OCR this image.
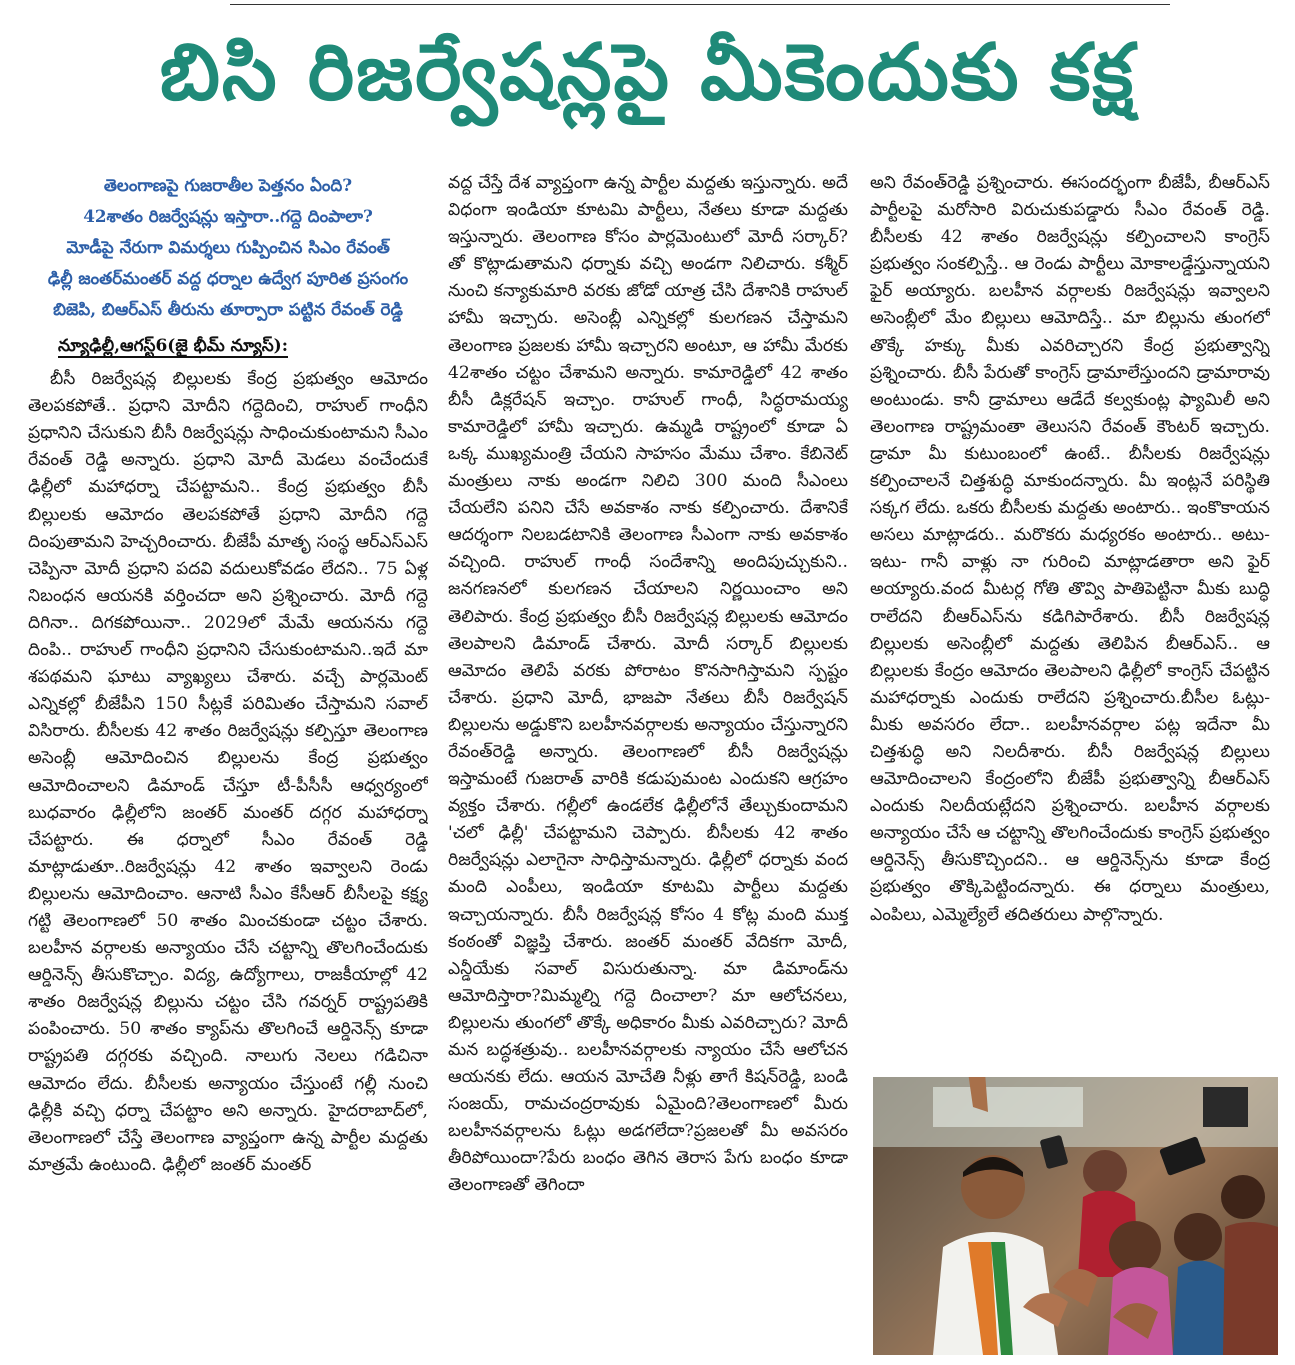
బిసి రిజర్వేషన్లపై మీకెందుకు కక్ష
తెలంగాణపై గుజరాతీల పెత్తనం ఏంది?
42శాతం రిజర్వేషన్లు ఇస్తారా..గద్దె దింపాలా?
మోడీపై నేరుగా విమర్శలు గుప్పించిన సిఎం రేవంత్
ఢిల్లీ జంతర్‌మంతర్ వద్ద ధర్నాల ఉద్వేగ పూరిత ప్రసంగం
బిజెపి, బిఆర్‌ఎస్ తీరును తూర్పారా పట్టిన రేవంత్ రెడ్డి
న్యూఢిల్లీ,ఆగస్ట్6(జై భీమ్ న్యూస్):

బీసీ రిజర్వేషన్ల బిల్లులకు కేంద్ర ప్రభుత్వం ఆమోదం తెలపకపోతే.. ప్రధాని మోదీని గద్దెదించి, రాహుల్ గాంధీని ప్రధానిని చేసుకుని బీసీ రిజర్వేషన్లు సాధించుకుంటామని సీఎం రేవంత్ రెడ్డి అన్నారు. ప్రధాని మోదీ మెడలు వంచేందుకే ఢిల్లీలో మహాధర్నా చేపట్టామని.. కేంద్ర ప్రభుత్వం బీసీ బిల్లులకు ఆమోదం తెలపకపోతే ప్రధాని మోదీని గద్దె దింపుతామని హెచ్చరించారు. బీజేపీ మాతృ సంస్థ ఆర్ఎస్ఎస్ చెప్పినా మోదీ ప్రధాని పదవి వదులుకోవడం లేదని.. 75 ఏళ్ల నిబంధన ఆయనకి వర్తించదా అని ప్రశ్నించారు. మోదీ గద్దె దిగినా.. దిగకపోయినా.. 2029లో మేమే ఆయనను గద్దె దింపి.. రాహుల్ గాంధీని ప్రధానిని చేసుకుంటామని..ఇదే మా శపథమని ఘాటు వ్యాఖ్యలు చేశారు. వచ్చే పార్లమెంట్ ఎన్నికల్లో బీజేపీని 150 సీట్లకే పరిమితం చేస్తామని సవాల్ విసిరారు. బీసీలకు 42 శాతం రిజర్వేషన్లు కల్పిస్తూ తెలంగాణ అసెంబ్లీ ఆమోదించిన బిల్లులను కేంద్ర ప్రభుత్వం ఆమోదించాలని డిమాండ్ చేస్తూ టీ-పీసీసీ ఆధ్వర్యంలో బుధవారం ఢిల్లీలోని జంతర్ మంతర్ దగ్గర మహాధర్నా చేపట్టారు. ఈ ధర్నాలో సీఎం రేవంత్ రెడ్డి మాట్లాడుతూ..రిజర్వేషన్లు 42 శాతం ఇవ్వాలని రెండు బిల్లులను ఆమోదించాం. ఆనాటి సీఎం కేసీఆర్ బీసీలపై కక్ష్య గట్టి తెలంగాణలో 50 శాతం మించకుండా చట్టం చేశారు. బలహీన వర్గాలకు అన్యాయం చేసే చట్టాన్ని తొలగించేందుకు ఆర్డినెన్స్ తీసుకొచ్చాం. విద్య, ఉద్యోగాలు, రాజకీయాల్లో 42 శాతం రిజర్వేషన్ల బిల్లును చట్టం చేసి గవర్నర్ రాష్ట్రపతికి పంపించారు. 50 శాతం క్యాప్‌ను తొలగించే ఆర్డినెన్స్ కూడా రాష్ట్రపతి దగ్గరకు వచ్చింది. నాలుగు నెలలు గడిచినా ఆమోదం లేదు. బీసీలకు అన్యాయం చేస్తుంటే గల్లీ నుంచి ఢిల్లీకి వచ్చి ధర్నా చేపట్టాం అని అన్నారు. హైదరాబాద్‌లో, తెలంగాణలో చేస్తే తెలంగాణ వ్యాప్తంగా ఉన్న పార్టీల మద్దతు మాత్రమే ఉంటుంది. ఢిల్లీలో జంతర్ మంతర్

వద్ద చేస్తే దేశ వ్యాప్తంగా ఉన్న పార్టీల మద్దతు ఇస్తున్నారు. అదే విధంగా ఇండియా కూటమి పార్టీలు, నేతలు కూడా మద్దతు ఇస్తున్నారు. తెలంగాణ కోసం పార్లమెంటులో మోదీ సర్కార్?తో కొట్లాడుతామని ధర్నాకు వచ్చి అండగా నిలిచారు. కశ్మీర్ నుంచి కన్యాకుమారి వరకు జోడో యాత్ర చేసి దేశానికి రాహుల్ హామీ ఇచ్చారు. అసెంబ్లీ ఎన్నికల్లో కులగణన చేస్తామని తెలంగాణ ప్రజలకు హామీ ఇచ్చారని అంటూ, ఆ హామీ మేరకు 42శాతం చట్టం చేశామని అన్నారు. కామారెడ్డిలో 42 శాతం బీసీ డిక్లరేషన్ ఇచ్చాం. రాహుల్ గాంధీ, సిద్ధరామయ్య కామారెడ్డిలో హామీ ఇచ్చారు. ఉమ్మడి రాష్ట్రంలో కూడా ఏ ఒక్క ముఖ్యమంత్రి చేయని సాహసం మేము చేశాం. కేబినెట్ మంత్రులు నాకు అండగా నిలిచి 300 మంది సీఎంలు చేయలేని పనిని చేసే అవకాశం నాకు కల్పించారు. దేశానికే ఆదర్శంగా నిలబడటానికి తెలంగాణ సీఎంగా నాకు అవకాశం వచ్చింది. రాహుల్ గాంధీ సందేశాన్ని అందిపుచ్చుకుని.. జనగణనలో కులగణన చేయాలని నిర్ణయించాం అని తెలిపారు. కేంద్ర ప్రభుత్వం బీసీ రిజర్వేషన్ల బిల్లులకు ఆమోదం తెలపాలని డిమాండ్ చేశారు. మోదీ సర్కార్ బిల్లులకు ఆమోదం తెలిపే వరకు పోరాటం కొనసాగిస్తామని స్పష్టం చేశారు. ప్రధాని మోదీ, భాజపా నేతలు బీసీ రిజర్వేషన్ బిల్లులను అడ్డుకొని బలహీనవర్గాలకు అన్యాయం చేస్తున్నారని రేవంత్‌రెడ్డి అన్నారు. తెలంగాణలో బీసీ రిజర్వేషన్లు ఇస్తామంటే గుజరాత్ వారికి కడుపుమంట ఎందుకని ఆగ్రహం వ్యక్తం చేశారు. గల్లీలో ఉండలేక ఢిల్లీలోనే తేల్చుకుందామని 'చలో ఢిల్లీ' చేపట్టామని చెప్పారు. బీసీలకు 42 శాతం రిజర్వేషన్లు ఎలాగైనా సాధిస్తామన్నారు. ఢిల్లీలో ధర్నాకు వంద మంది ఎంపీలు, ఇండియా కూటమి పార్టీలు మద్దతు ఇచ్చాయన్నారు. బీసీ రిజర్వేషన్ల కోసం 4 కోట్ల మంది ముక్త కంఠంతో విజ్ఞప్తి చేశారు. జంతర్ మంతర్ వేదికగా మోదీ, ఎన్డీయేకు సవాల్ విసురుతున్నా. మా డిమాండ్‌ను ఆమోదిస్తారా?మిమ్మల్ని గద్దె దించాలా? మా ఆలోచనలు, బిల్లులను తుంగలో తొక్కే అధికారం మీకు ఎవరిచ్చారు? మోదీ మన బద్ధశత్రువు.. బలహీనవర్గాలకు న్యాయం చేసే ఆలోచన ఆయనకు లేదు. ఆయన మోచేతి నీళ్లు తాగే కిషన్‌రెడ్డి, బండి సంజయ్, రామచంద్రరావుకు ఏమైంది?తెలంగాణలో మీరు బలహీనవర్గాలను ఓట్లు అడగలేదా?ప్రజలతో మీ అవసరం తీరిపోయిందా?పేరు బంధం తెగిన తెరాస పేగు బంధం కూడా తెలంగాణతో తెగిందా

అని రేవంత్‌రెడ్డి ప్రశ్నించారు. ఈసందర్భంగా బీజేపీ, బీఆర్ఎస్ పార్టీలపై మరోసారి విరుచుకుపడ్డారు సీఎం రేవంత్ రెడ్డి. బీసీలకు 42 శాతం రిజర్వేషన్లు కల్పించాలని కాంగ్రెస్ ప్రభుత్వం సంకల్పిస్తే.. ఆ రెండు పార్టీలు మోకాలడ్డేస్తున్నాయని ఫైర్ అయ్యారు. బలహీన వర్గాలకు రిజర్వేషన్లు ఇవ్వాలని అసెంబ్లీలో మేం బిల్లులు ఆమోదిస్తే.. మా బిల్లును తుంగలో తొక్కే హక్కు మీకు ఎవరిచ్చారని కేంద్ర ప్రభుత్వాన్ని ప్రశ్నించారు. బీసీ పేరుతో కాంగ్రెస్ డ్రామాలేస్తుందని డ్రామారావు అంటుండు. కానీ డ్రామాలు ఆడేదే కల్వకుంట్ల ఫ్యామిలీ అని తెలంగాణ రాష్ట్రమంతా తెలుసని రేవంత్ కౌంటర్ ఇచ్చారు. డ్రామా మీ కుటుంబంలో ఉంటే.. బీసీలకు రిజర్వేషన్లు కల్పించాలనే చిత్తశుద్ధి మాకుందన్నారు. మీ ఇంట్లనే పరిస్థితి సక్కగ లేదు. ఒకరు బీసీలకు మద్దతు అంటారు.. ఇంకొకాయన అసలు మాట్లాడరు.. మరొకరు మధ్యరకం అంటారు.. అటు- ఇటు- గానీ వాళ్లు నా గురించి మాట్లాడతారా అని ఫైర్ అయ్యారు.వంద మీటర్ల గోతి తొవ్వి పాతిపెట్టినా మీకు బుద్ధి రాలేదని బీఆర్ఎస్‌ను కడిగిపారేశారు. బీసీ రిజర్వేషన్ల బిల్లులకు అసెంబ్లీలో మద్దతు తెలిపిన బీఆర్ఎస్.. ఆ బిల్లులకు కేంద్రం ఆమోదం తెలపాలని ఢిల్లీలో కాంగ్రెస్ చేపట్టిన మహాధర్నాకు ఎందుకు రాలేదని ప్రశ్నించారు.బీసీల ఓట్లు- మీకు అవసరం లేదా.. బలహీనవర్గాల పట్ల ఇదేనా మీ చిత్తశుద్ధి అని నిలదీశారు. బీసీ రిజర్వేషన్ల బిల్లులు ఆమోదించాలని కేంద్రంలోని బీజేపీ ప్రభుత్వాన్ని బీఆర్ఎస్ ఎందుకు నిలదీయట్లేదని ప్రశ్నించారు. బలహీన వర్గాలకు అన్యాయం చేసే ఆ చట్టాన్ని తొలగించేందుకు కాంగ్రెస్ ప్రభుత్వం ఆర్డినెన్స్ తీసుకొచ్చిందని.. ఆ ఆర్డినెన్స్‌ను కూడా కేంద్ర ప్రభుత్వం తొక్కిపెట్టిందన్నారు. ఈ ధర్నాలు మంత్రులు, ఎంపిలు, ఎమ్మెల్యేలే తదితరులు పాల్గొన్నారు.
